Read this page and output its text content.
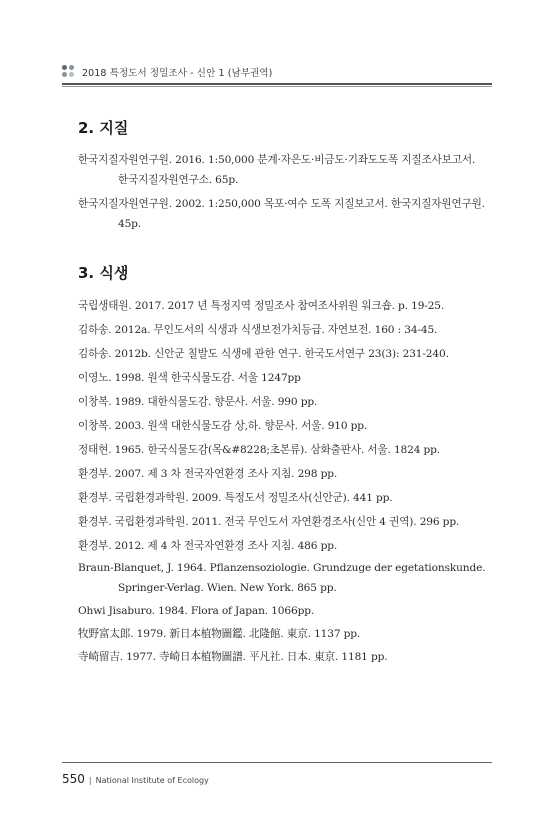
2018 특정도서 정밀조사 - 신안 1 (남부권역)
2. 지질
한국지질자원연구원. 2016. 1:50,000 분계·자은도·비금도·기좌도도폭 지질조사보고서.
한국지질자원연구소. 65p.
한국지질자원연구원. 2002. 1:250,000 목포·여수 도폭 지질보고서. 한국지질자원연구원.
45p.
3. 식생
국립생태원. 2017. 2017 년 특정지역 정밀조사 참여조사위원 워크숍. p. 19-25.
김하송. 2012a. 무인도서의 식생과 식생보전가치등급. 자연보전. 160 : 34-45.
김하송. 2012b. 신안군 칠발도 식생에 관한 연구. 한국도서연구 23(3): 231-240.
이영노. 1998. 원색 한국식물도감. 서울 1247pp
이창복. 1989. 대한식물도감. 향문사. 서울. 990 pp.
이창복. 2003. 원색 대한식물도감 상,하. 향문사. 서울. 910 pp.
정태현. 1965. 한국식물도감(목&#8228;초본류). 삼화출판사. 서울. 1824 pp.
환경부. 2007. 제 3 차 전국자연환경 조사 지침. 298 pp.
환경부. 국립환경과학원. 2009. 특정도서 정밀조사(신안군). 441 pp.
환경부. 국립환경과학원. 2011. 전국 무인도서 자연환경조사(신안 4 권역). 296 pp.
환경부. 2012. 제 4 차 전국자연환경 조사 지침. 486 pp.
Braun-Blanquet, J. 1964. Pflanzensoziologie. Grundzuge der egetationskunde.
Springer-Verlag. Wien. New York. 865 pp.
Ohwi Jisaburo. 1984. Flora of Japan. 1066pp.
牧野富太郎. 1979. 新日本植物圖鑑. 北隆館. 東京. 1137 pp.
寺崎留吉. 1977. 寺崎日本植物圖譜. 平凡社. 日本. 東京. 1181 pp.
550 | National Institute of Ecology
